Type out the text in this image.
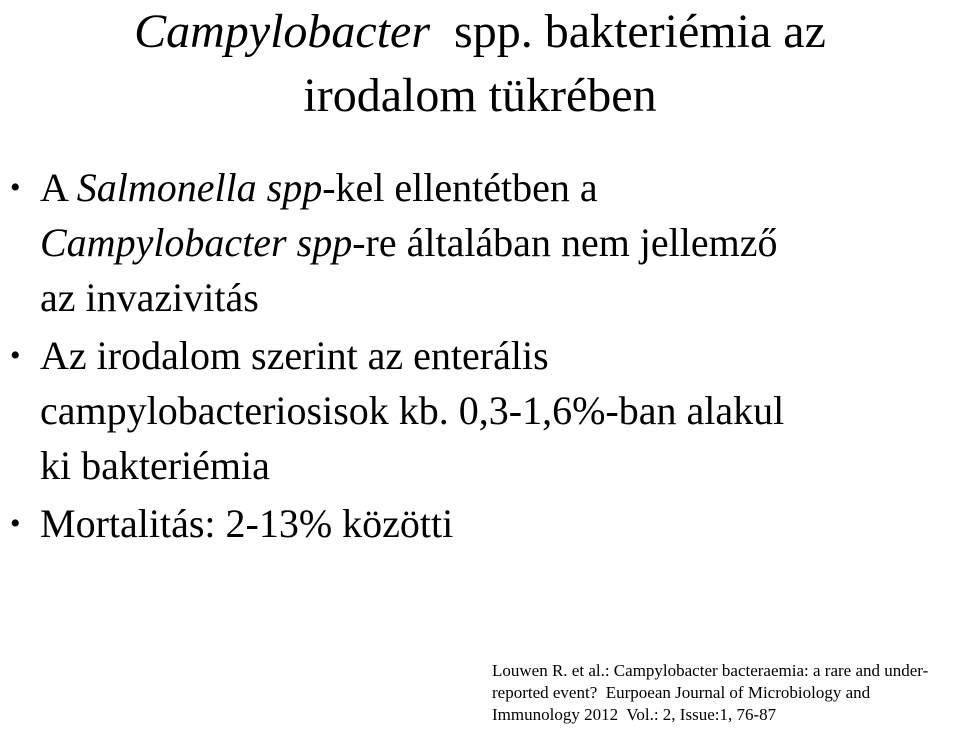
Campylobacter  spp. bakteriémia az
irodalom tükrében
• A Salmonella spp-kel ellentétben a
Campylobacter spp-re általában nem jellemző
az invazivitás
• Az irodalom szerint az enterális
campylobacteriosisok kb. 0,3-1,6%-ban alakul
ki bakteriémia
• Mortalitás: 2-13% közötti
Louwen R. et al.: Campylobacter bacteraemia: a rare and under-
reported event?  Eurpoean Journal of Microbiology and
Immunology 2012  Vol.: 2, Issue:1, 76-87
